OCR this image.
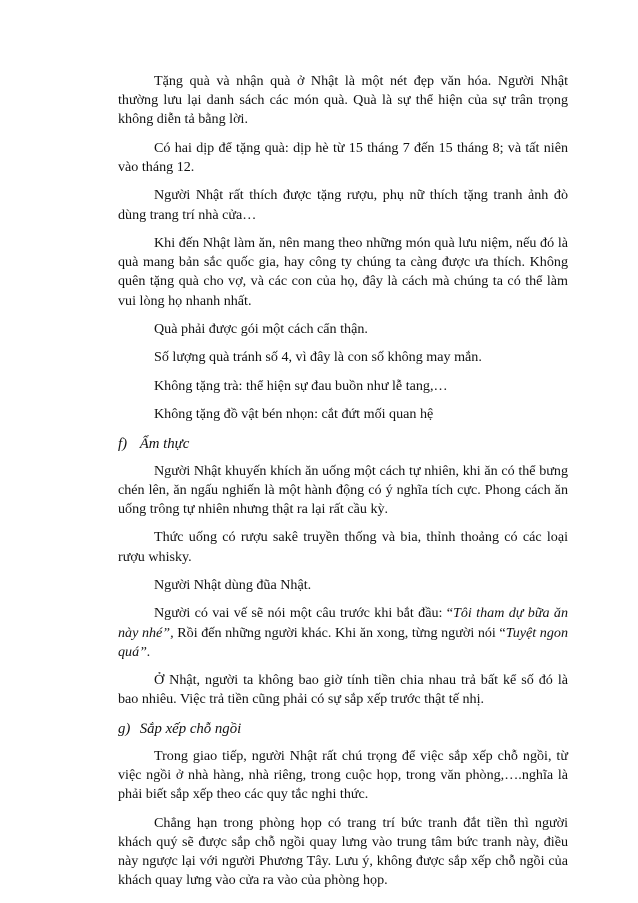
Tặng quà và nhận quà ở Nhật là một nét đẹp văn hóa. Người Nhật thường lưu lại danh sách các món quà. Quà là sự thể hiện của sự trân trọng không diễn tả bằng lời.

Có hai dịp để tặng quà: dịp hè từ 15 tháng 7 đến 15 tháng 8; và tất niên vào tháng 12.

Người Nhật rất thích được tặng rượu, phụ nữ thích tặng tranh ảnh đò dùng trang trí nhà cửa…

Khi đến Nhật làm ăn, nên mang theo những món quà lưu niệm, nếu đó là quà mang bản sắc quốc gia, hay công ty chúng ta càng được ưa thích. Không quên tặng quà cho vợ, và các con của họ, đây là cách mà chúng ta có thể làm vui lòng họ nhanh nhất.

Quà phải được gói một cách cẩn thận.

Số lượng quà tránh số 4, vì đây là con số không may mắn.

Không tặng trà: thể hiện sự đau buồn như lễ tang,…

Không tặng đồ vật bén nhọn: cắt đứt mối quan hệ

f) Ẩm thực

Người Nhật khuyến khích ăn uống một cách tự nhiên, khi ăn có thể bưng chén lên, ăn ngấu nghiến là một hành động có ý nghĩa tích cực. Phong cách ăn uống trông tự nhiên nhưng thật ra lại rất cầu kỳ.

Thức uống có rượu sakê truyền thống và bia, thỉnh thoảng có các loại rượu whisky.

Người Nhật dùng đũa Nhật.

Người có vai vế sẽ nói một câu trước khi bắt đầu: “Tôi tham dự bữa ăn này nhé”, Rồi đến những người khác. Khi ăn xong, từng người nói “Tuyệt ngon quá”.

Ở Nhật, người ta không bao giờ tính tiền chia nhau trả bất kể số đó là bao nhiêu. Việc trả tiền cũng phải có sự sắp xếp trước thật tế nhị.

g) Sắp xếp chỗ ngồi

Trong giao tiếp, người Nhật rất chú trọng để việc sắp xếp chỗ ngồi, từ việc ngồi ở nhà hàng, nhà riêng, trong cuộc họp, trong văn phòng,….nghĩa là phải biết sắp xếp theo các quy tắc nghi thức.

Chẳng hạn trong phòng họp có trang trí bức tranh đắt tiền thì người khách quý sẽ được sắp chỗ ngồi quay lưng vào trung tâm bức tranh này, điều này ngược lại với người Phương Tây. Lưu ý, không được sắp xếp chỗ ngồi của khách quay lưng vào cửa ra vào của phòng họp.
